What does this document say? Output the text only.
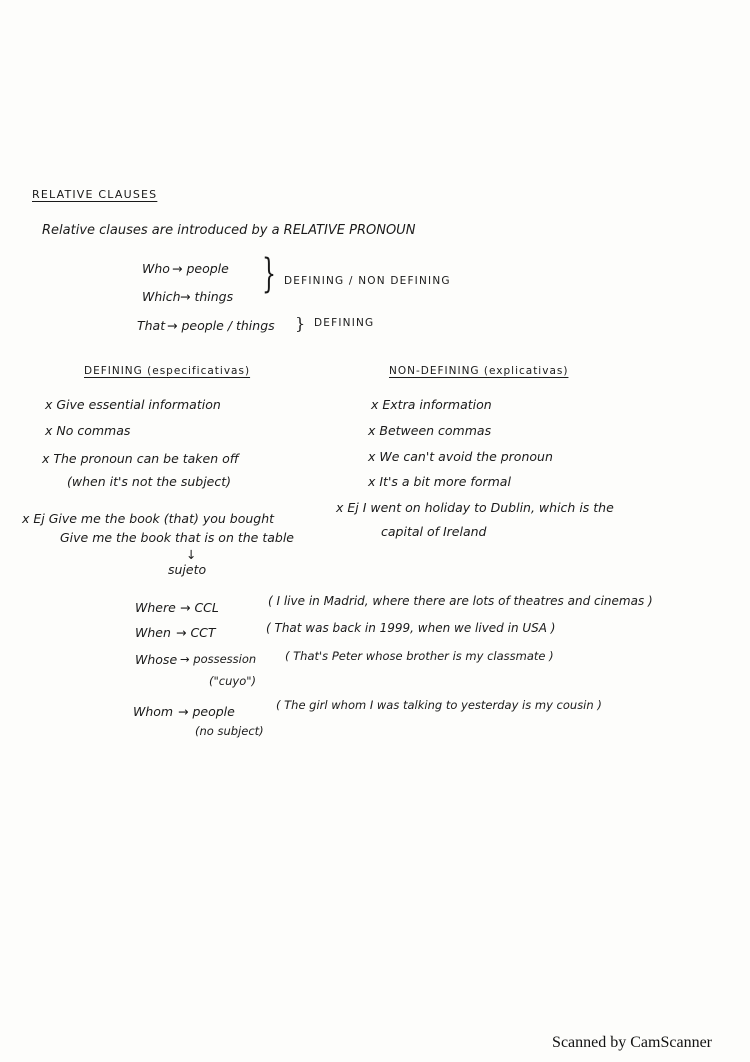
RELATIVE CLAUSES
Relative clauses are introduced by a RELATIVE PRONOUN
Who → people
Which → things } DEFINING / NON DEFINING
That → people / things } DEFINING
DEFINING (especificativas)
x Give essential information
x No commas
x The pronoun can be taken off
(when it's not the subject)
x Ej Give me the book (that) you bought
Give me the book that is on the table
↓
sujeto
NON-DEFINING (explicativas)
x Extra information
x Between commas
x We can't avoid the pronoun
x It's a bit more formal
x Ej I went on holiday to Dublin, which is the
capital of Ireland
Where → CCL	( I live in Madrid, where there are lots of theatres and cinemas )
When → CCT	( That was back in 1999, when we lived in USA )
Whose → possession	( That's Peter whose brother is my classmate )
("cuyo")
Whom → people	( The girl whom I was talking to yesterday is my cousin )
(no subject)
Scanned by CamScanner
